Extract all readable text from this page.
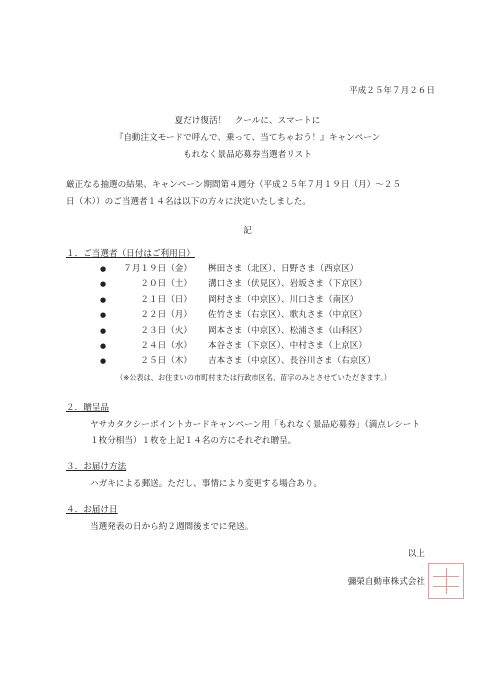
平成２５年７月２６日
夏だけ復活！　クールに、スマートに
『自動注文モードで呼んで、乗って、当てちゃおう！』キャンペーン
もれなく景品応募券当選者リスト
厳正なる抽選の結果、キャンペーン期間第４週分（平成２５年７月１９日（月）～２５
日（木））のご当選者１４名は以下の方々に決定いたしました。
記
１．ご当選者（日付はご利用日）
●	７月１９日（金） 桝田さま（北区）、日野さま（西京区）
●	２０日（土） 溝口さま（伏見区）、岩坂さま（下京区）
●	２１日（日） 岡村さま（中京区）、川口さま（南区）
●	２２日（月） 佐竹さま（右京区）、歌丸さま（中京区）
●	２３日（火） 岡本さま（中京区）、松浦さま（山科区）
●	２４日（水） 本谷さま（下京区）、中村さま（上京区）
●	２５日（木） 吉本さま（中京区）、長谷川さま（右京区）
（※公表は、お住まいの市町村または行政市区名、苗字のみとさせていただきます。）
２．贈呈品
ヤサカタクシーポイントカードキャンペーン用「もれなく景品応募券」（満点レシート
１枚分相当）１枚を上記１４名の方にそれぞれ贈呈。
３．お届け方法
ハガキによる郵送。ただし、事情により変更する場合あり。
４．お届け日
当選発表の日から約２週間後までに発送。
以上
彌榮自動車株式会社
